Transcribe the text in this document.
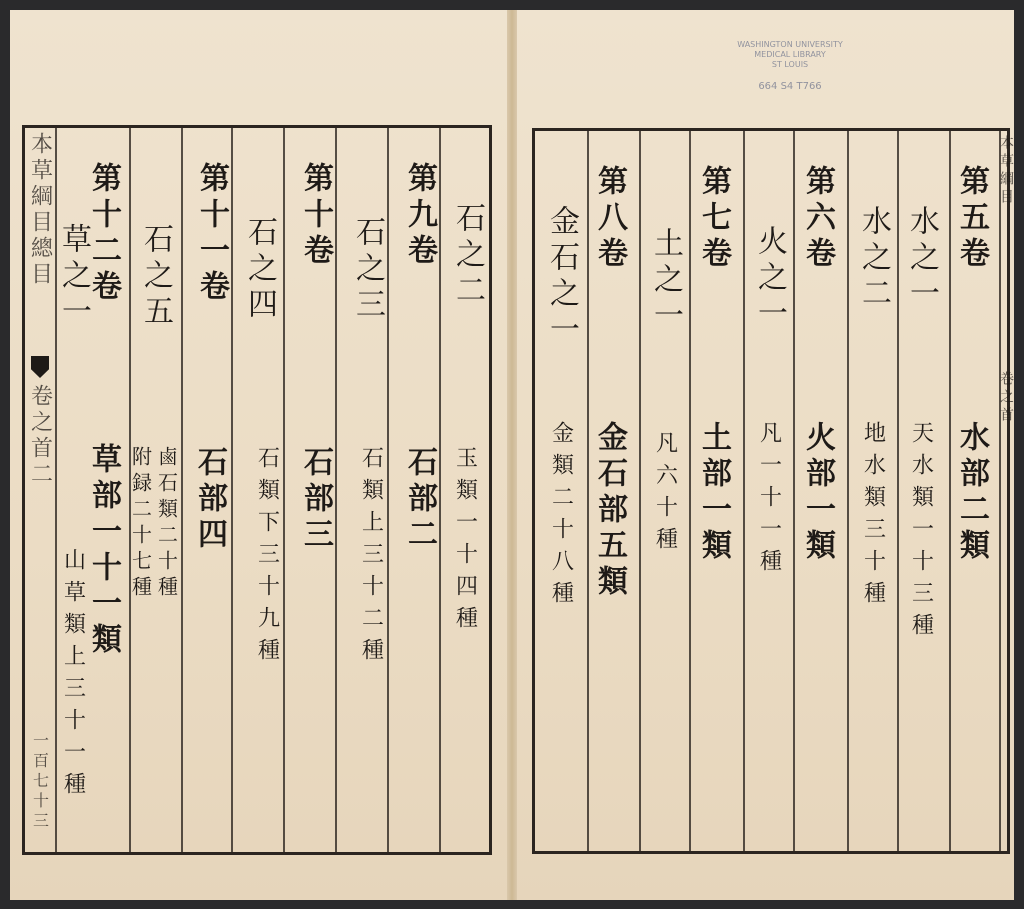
WASHINGTON UNIVERSITY
MEDICAL LIBRARY
ST LOUIS
664 S4 T766
本草綱目總目
卷之首二
一百七十三
第十二卷
草之一
草部一十一類
山草類上三十一種
第十一卷
石之五
石部四
鹵石類二十種
附録二十七種
第十卷
石之四
石部三
石類下三十九種
第九卷
石之三
石部二
石類上三十二種
石之二
玉類一十四種
第八卷
金石之一
金石部五類
金類二十八種
第七卷
土之一
土部一類
凡六十種
第六卷
火之一
火部一類
凡一十一種
水之二
地水類三十種
第五卷
水之一
水部二類
天水類一十三種
本草綱目
卷之首
